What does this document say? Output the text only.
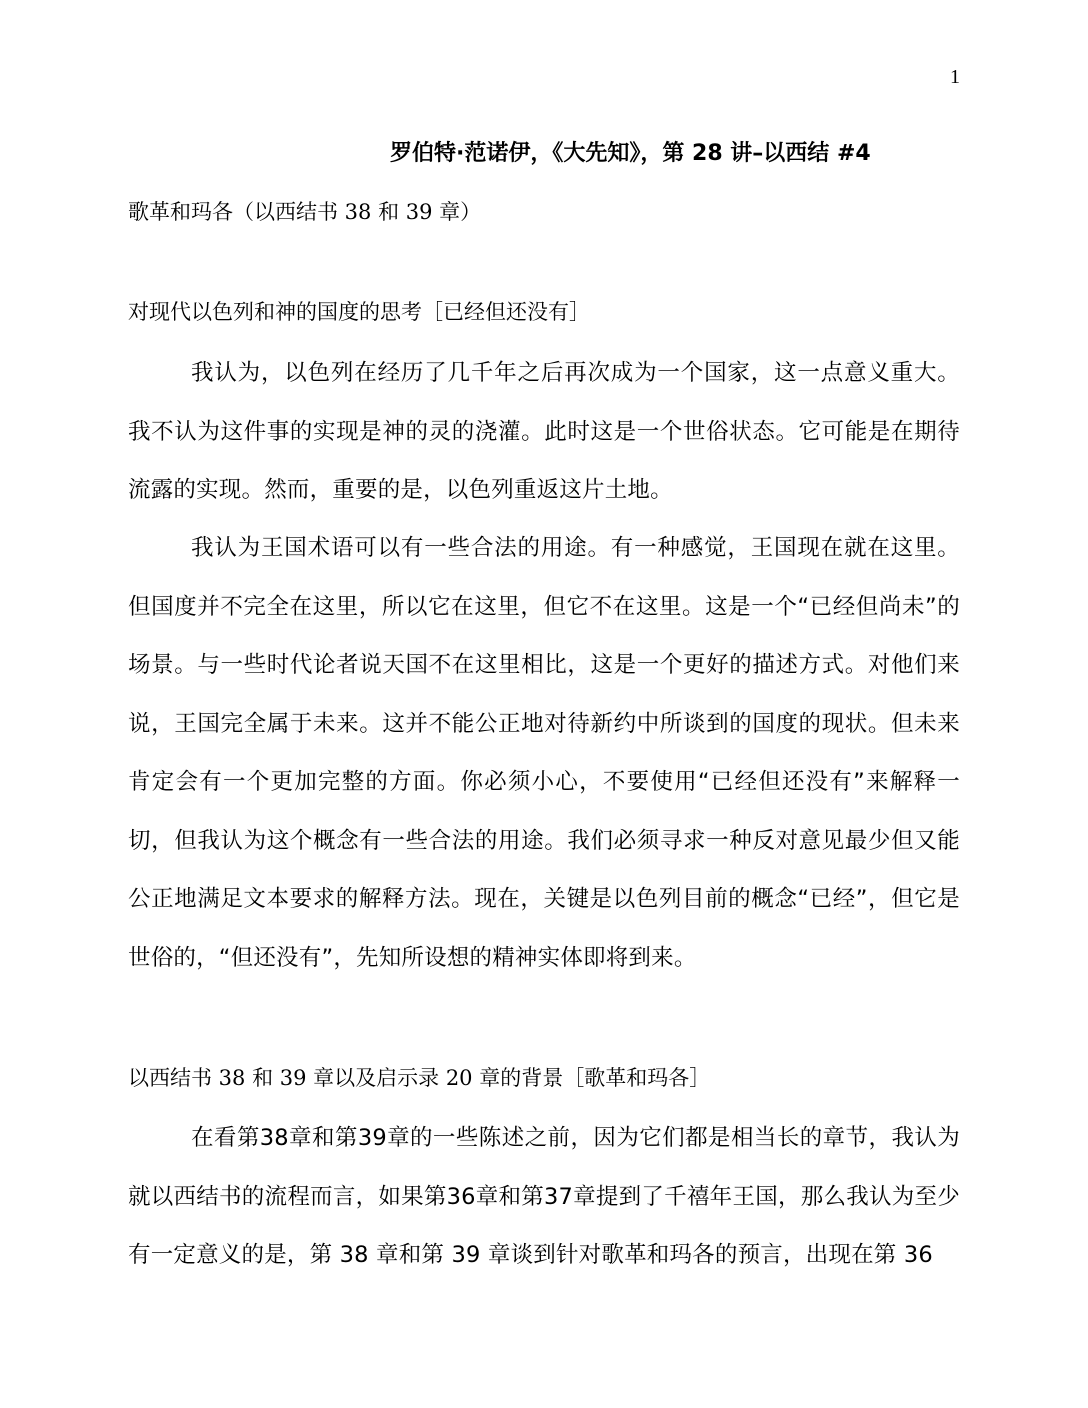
1
罗伯特·范诺伊，《大先知》，第 28 讲–以西结 #4
歌革和玛各（以西结书 38 和 39 章）
对现代以色列和神的国度的思考［已经但还没有］
我认为，以色列在经历了几千年之后再次成为一个国家，这一点意义重大。我不认为这件事的实现是神的灵的浇灌。此时这是一个世俗状态。它可能是在期待流露的实现。然而，重要的是，以色列重返这片土地。
我认为王国术语可以有一些合法的用途。有一种感觉，王国现在就在这里。但国度并不完全在这里，所以它在这里，但它不在这里。这是一个“已经但尚未”的场景。与一些时代论者说天国不在这里相比，这是一个更好的描述方式。对他们来说，王国完全属于未来。这并不能公正地对待新约中所谈到的国度的现状。但未来肯定会有一个更加完整的方面。你必须小心，不要使用“已经但还没有”来解释一切，但我认为这个概念有一些合法的用途。我们必须寻求一种反对意见最少但又能公正地满足文本要求的解释方法。现在，关键是以色列目前的概念“已经”，但它是世俗的，“但还没有”，先知所设想的精神实体即将到来。
以西结书 38 和 39 章以及启示录 20 章的背景［歌革和玛各］
在看第38章和第39章的一些陈述之前，因为它们都是相当长的章节，我认为就以西结书的流程而言，如果第36章和第37章提到了千禧年王国，那么我认为至少有一定意义的是，第 38 章和第 39 章谈到针对歌革和玛各的预言，出现在第 36
